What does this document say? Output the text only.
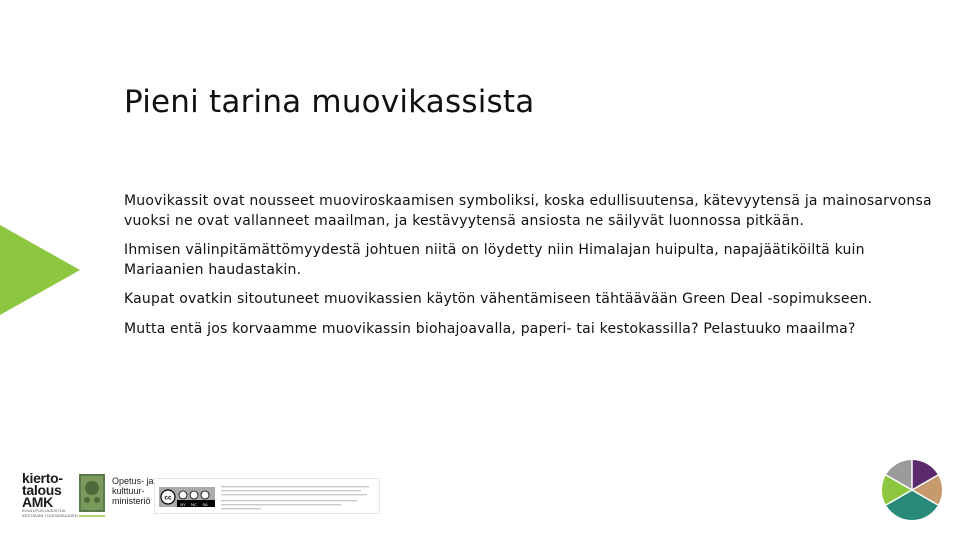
Pieni tarina muovikassista

Muovikassit ovat nousseet muoviroskaamisen symboliksi, koska edullisuutensa, kätevyytensä ja mainosarvonsa vuoksi ne ovat vallanneet maailman, ja kestävyytensä ansiosta ne säilyvät luonnossa pitkään.

Ihmisen välinpitämättömyydestä johtuen niitä on löydetty niin Himalajan huipulta, napajäätiköiltä kuin Mariaanien haudastakin.

Kaupat ovatkin sitoutuneet muovikassien käytön vähentämiseen tähtäävään Green Deal -sopimukseen.

Mutta entä jos korvaamme muovikassin biohajoavalla, paperi- tai kestokassilla? Pelastuuko maailma?

kierto-
talous
AMK
KOULUTUS UUDISTUU
KESTÄVÄN TULEVAISUUDEN
Opetus- ja
kulttuur-
ministeriö	cc
BY NC SA
